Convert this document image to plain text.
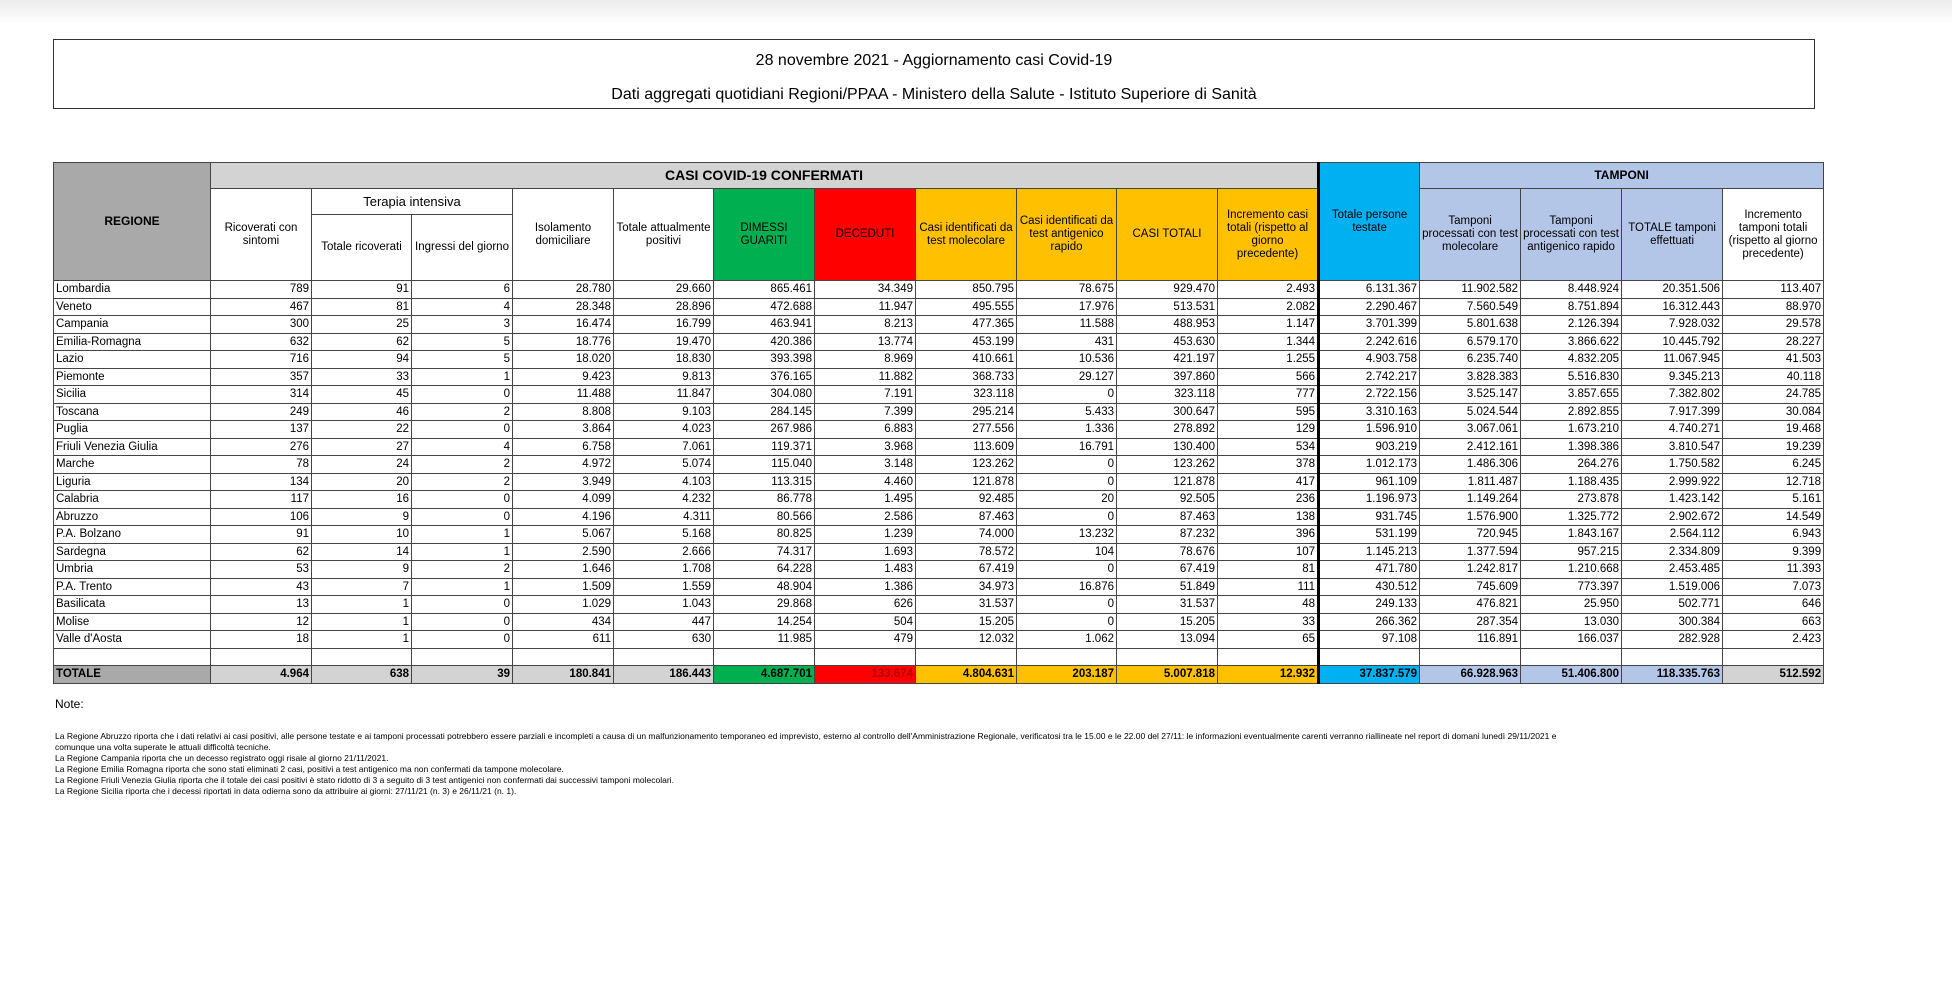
28 novembre 2021 - Aggiornamento casi Covid-19
Dati aggregati quotidiani Regioni/PPAA - Ministero della Salute - Istituto Superiore di Sanità
REGIONE	CASI COVID-19 CONFERMATI											Totale persone testate	TAMPONI			
	Ricoverati con sintomi	Terapia intensiva		Isolamento domiciliare	Totale attualmente positivi	DIMESSI GUARITI	DECEDUTI	Casi identificati da test molecolare	Casi identificati da test antigenico rapido	CASI TOTALI	Incremento casi totali (rispetto al giorno precedente)		Tamponi processati con test molecolare	Tamponi processati con test antigenico rapido	TOTALE tamponi effettuati	Incremento tamponi totali (rispetto al giorno precedente)
		Totale ricoverati	Ingressi del giorno													
Lombardia	789	91	6	28.780	29.660	865.461	34.349	850.795	78.675	929.470	2.493	6.131.367	11.902.582	8.448.924	20.351.506	113.407
Veneto	467	81	4	28.348	28.896	472.688	11.947	495.555	17.976	513.531	2.082	2.290.467	7.560.549	8.751.894	16.312.443	88.970
Campania	300	25	3	16.474	16.799	463.941	8.213	477.365	11.588	488.953	1.147	3.701.399	5.801.638	2.126.394	7.928.032	29.578
Emilia-Romagna	632	62	5	18.776	19.470	420.386	13.774	453.199	431	453.630	1.344	2.242.616	6.579.170	3.866.622	10.445.792	28.227
Lazio	716	94	5	18.020	18.830	393.398	8.969	410.661	10.536	421.197	1.255	4.903.758	6.235.740	4.832.205	11.067.945	41.503
Piemonte	357	33	1	9.423	9.813	376.165	11.882	368.733	29.127	397.860	566	2.742.217	3.828.383	5.516.830	9.345.213	40.118
Sicilia	314	45	0	11.488	11.847	304.080	7.191	323.118	0	323.118	777	2.722.156	3.525.147	3.857.655	7.382.802	24.785
Toscana	249	46	2	8.808	9.103	284.145	7.399	295.214	5.433	300.647	595	3.310.163	5.024.544	2.892.855	7.917.399	30.084
Puglia	137	22	0	3.864	4.023	267.986	6.883	277.556	1.336	278.892	129	1.596.910	3.067.061	1.673.210	4.740.271	19.468
Friuli Venezia Giulia	276	27	4	6.758	7.061	119.371	3.968	113.609	16.791	130.400	534	903.219	2.412.161	1.398.386	3.810.547	19.239
Marche	78	24	2	4.972	5.074	115.040	3.148	123.262	0	123.262	378	1.012.173	1.486.306	264.276	1.750.582	6.245
Liguria	134	20	2	3.949	4.103	113.315	4.460	121.878	0	121.878	417	961.109	1.811.487	1.188.435	2.999.922	12.718
Calabria	117	16	0	4.099	4.232	86.778	1.495	92.485	20	92.505	236	1.196.973	1.149.264	273.878	1.423.142	5.161
Abruzzo	106	9	0	4.196	4.311	80.566	2.586	87.463	0	87.463	138	931.745	1.576.900	1.325.772	2.902.672	14.549
P.A. Bolzano	91	10	1	5.067	5.168	80.825	1.239	74.000	13.232	87.232	396	531.199	720.945	1.843.167	2.564.112	6.943
Sardegna	62	14	1	2.590	2.666	74.317	1.693	78.572	104	78.676	107	1.145.213	1.377.594	957.215	2.334.809	9.399
Umbria	53	9	2	1.646	1.708	64.228	1.483	67.419	0	67.419	81	471.780	1.242.817	1.210.668	2.453.485	11.393
P.A. Trento	43	7	1	1.509	1.559	48.904	1.386	34.973	16.876	51.849	111	430.512	745.609	773.397	1.519.006	7.073
Basilicata	13	1	0	1.029	1.043	29.868	626	31.537	0	31.537	48	249.133	476.821	25.950	502.771	646
Molise	12	1	0	434	447	14.254	504	15.205	0	15.205	33	266.362	287.354	13.030	300.384	663
Valle d'Aosta	18	1	0	611	630	11.985	479	12.032	1.062	13.094	65	97.108	116.891	166.037	282.928	2.423

TOTALE	4.964	638	39	180.841	186.443	4.687.701	133.674	4.804.631	203.187	5.007.818	12.932	37.837.579	66.928.963	51.406.800	118.335.763	512.592
Note:
La Regione Abruzzo riporta che i dati relativi ai casi positivi, alle persone testate e ai tamponi processati potrebbero essere parziali e incompleti a causa di un malfunzionamento temporaneo ed imprevisto, esterno al controllo dell'Amministrazione Regionale, verificatosi tra le 15.00 e le 22.00 del 27/11: le informazioni eventualmente carenti verranno riallineate nel report di domani lunedì 29/11/2021 e
comunque una volta superate le attuali difficoltà tecniche.
La Regione Campania riporta che un decesso registrato oggi risale al giorno 21/11/2021.
La Regione Emilia Romagna riporta che sono stati eliminati 2 casi, positivi a test antigenico ma non confermati da tampone molecolare.
La Regione Friuli Venezia Giulia riporta che il totale dei casi positivi è stato ridotto di 3 a seguito di 3 test antigenici non confermati dai successivi tamponi molecolari.
La Regione Sicilia riporta che i decessi riportati in data odierna sono da attribuire ai giorni: 27/11/21 (n. 3) e 26/11/21 (n. 1).
